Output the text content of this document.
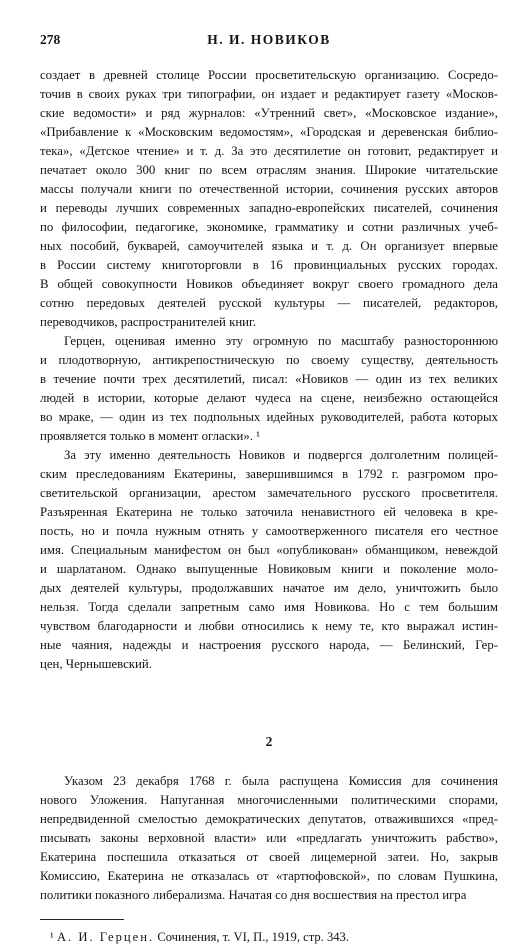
278	Н. И. НОВИКОВ
создает в древней столице России просветительскую организацию. Сосредо-
точив в своих руках три типографии, он издает и редактирует газету «Москов-
ские ведомости» и ряд журналов: «Утренний свет», «Московское издание»,
«Прибавление к «Московским ведомостям», «Городская и деревенская библио-
тека», «Детское чтение» и т. д. За это десятилетие он готовит, редактирует и
печатает около 300 книг по всем отраслям знания. Широкие читательские
массы получали книги по отечественной истории, сочинения русских авторов
и переводы лучших современных западно-европейских писателей, сочинения
по философии, педагогике, экономике, грамматику и сотни различных учеб-
ных пособий, букварей, самоучителей языка и т. д. Он организует впервые
в России систему книготорговли в 16 провинциальных русских городах.
В общей совокупности Новиков объединяет вокруг своего громадного дела
сотню передовых деятелей русской культуры — писателей, редакторов,
переводчиков, распространителей книг.
Герцен, оценивая именно эту огромную по масштабу разностороннюю
и плодотворную, антикрепостническую по своему существу, деятельность
в течение почти трех десятилетий, писал: «Новиков — один из тех великих
людей в истории, которые делают чудеса на сцене, неизбежно остающейся
во мраке, — один из тех подпольных идейных руководителей, работа которых
проявляется только в момент огласки». ¹
За эту именно деятельность Новиков и подвергся долголетним полицей-
ским преследованиям Екатерины, завершившимся в 1792 г. разгромом про-
светительской организации, арестом замечательного русского просветителя.
Разъяренная Екатерина не только заточила ненавистного ей человека в кре-
пость, но и почла нужным отнять у самоотверженного писателя его честное
имя. Специальным манифестом он был «опубликован» обманщиком, невеждой
и шарлатаном. Однако выпущенные Новиковым книги и поколение моло-
дых деятелей культуры, продолжавших начатое им дело, уничтожить было
нельзя. Тогда сделали запретным само имя Новикова. Но с тем большим
чувством благодарности и любви относились к нему те, кто выражал истин-
ные чаяния, надежды и настроения русского народа, — Белинский, Гер-
цен, Чернышевский.
2
Указом 23 декабря 1768 г. была распущена Комиссия для сочинения
нового Уложения. Напуганная многочисленными политическими спорами,
непредвиденной смелостью демократических депутатов, отважившихся «пред-
писывать законы верховной власти» или «предлагать уничтожить рабство»,
Екатерина поспешила отказаться от своей лицемерной затеи. Но, закрыв
Комиссию, Екатерина не отказалась от «тартюфовской», по словам Пушкина,
политики показного либерализма. Начатая со дня восшествия на престол игра
¹ А. И. Герцен. Сочинения, т. VI, П., 1919, стр. 343.
